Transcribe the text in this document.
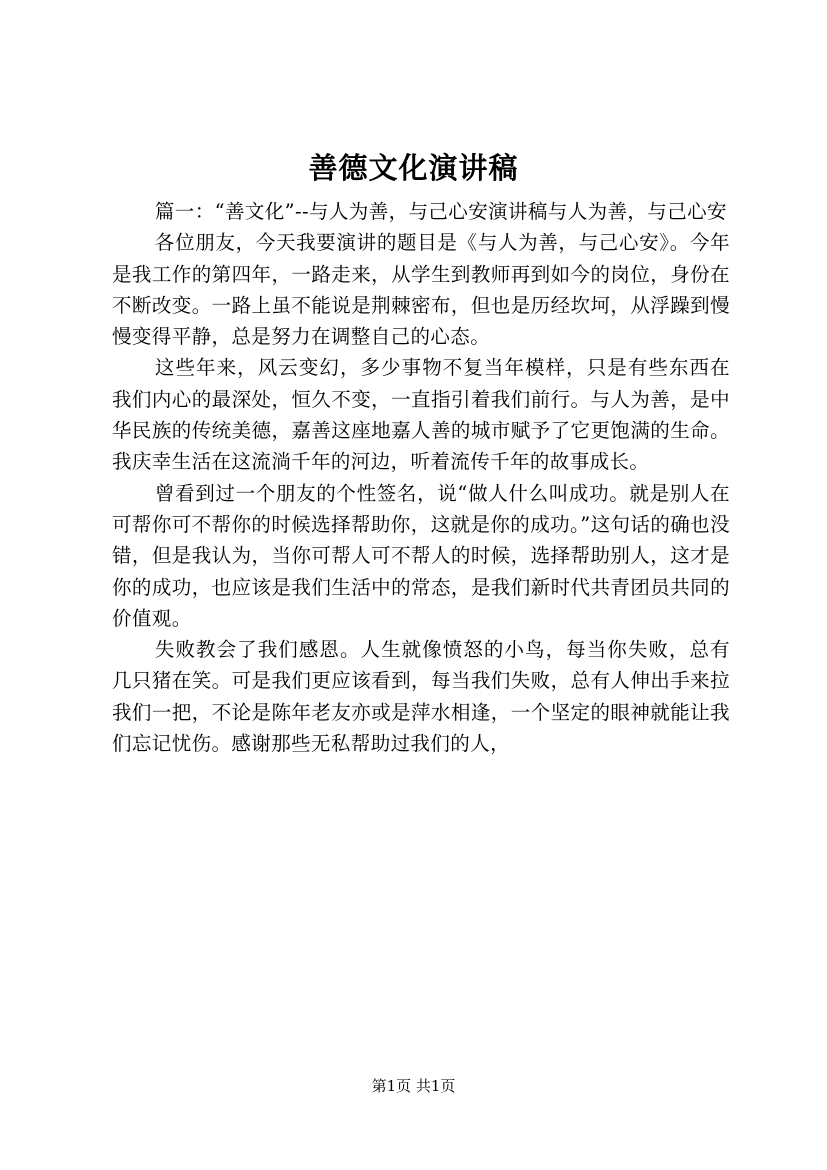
善德文化演讲稿

篇一：“善文化”--与人为善，与己心安演讲稿与人为善，与己心安

各位朋友，今天我要演讲的题目是《与人为善，与己心安》。今年是我工作的第四年，一路走来，从学生到教师再到如今的岗位，身份在不断改变。一路上虽不能说是荆棘密布，但也是历经坎坷，从浮躁到慢慢变得平静，总是努力在调整自己的心态。

这些年来，风云变幻，多少事物不复当年模样，只是有些东西在我们内心的最深处，恒久不变，一直指引着我们前行。与人为善，是中华民族的传统美德，嘉善这座地嘉人善的城市赋予了它更饱满的生命。我庆幸生活在这流淌千年的河边，听着流传千年的故事成长。

曾看到过一个朋友的个性签名，说“做人什么叫成功。就是别人在可帮你可不帮你的时候选择帮助你，这就是你的成功。”这句话的确也没错，但是我认为，当你可帮人可不帮人的时候，选择帮助别人，这才是你的成功，也应该是我们生活中的常态，是我们新时代共青团员共同的价值观。

失败教会了我们感恩。人生就像愤怒的小鸟，每当你失败，总有几只猪在笑。可是我们更应该看到，每当我们失败，总有人伸出手来拉我们一把，不论是陈年老友亦或是萍水相逢，一个坚定的眼神就能让我们忘记忧伤。感谢那些无私帮助过我们的人，

第1页 共1页
